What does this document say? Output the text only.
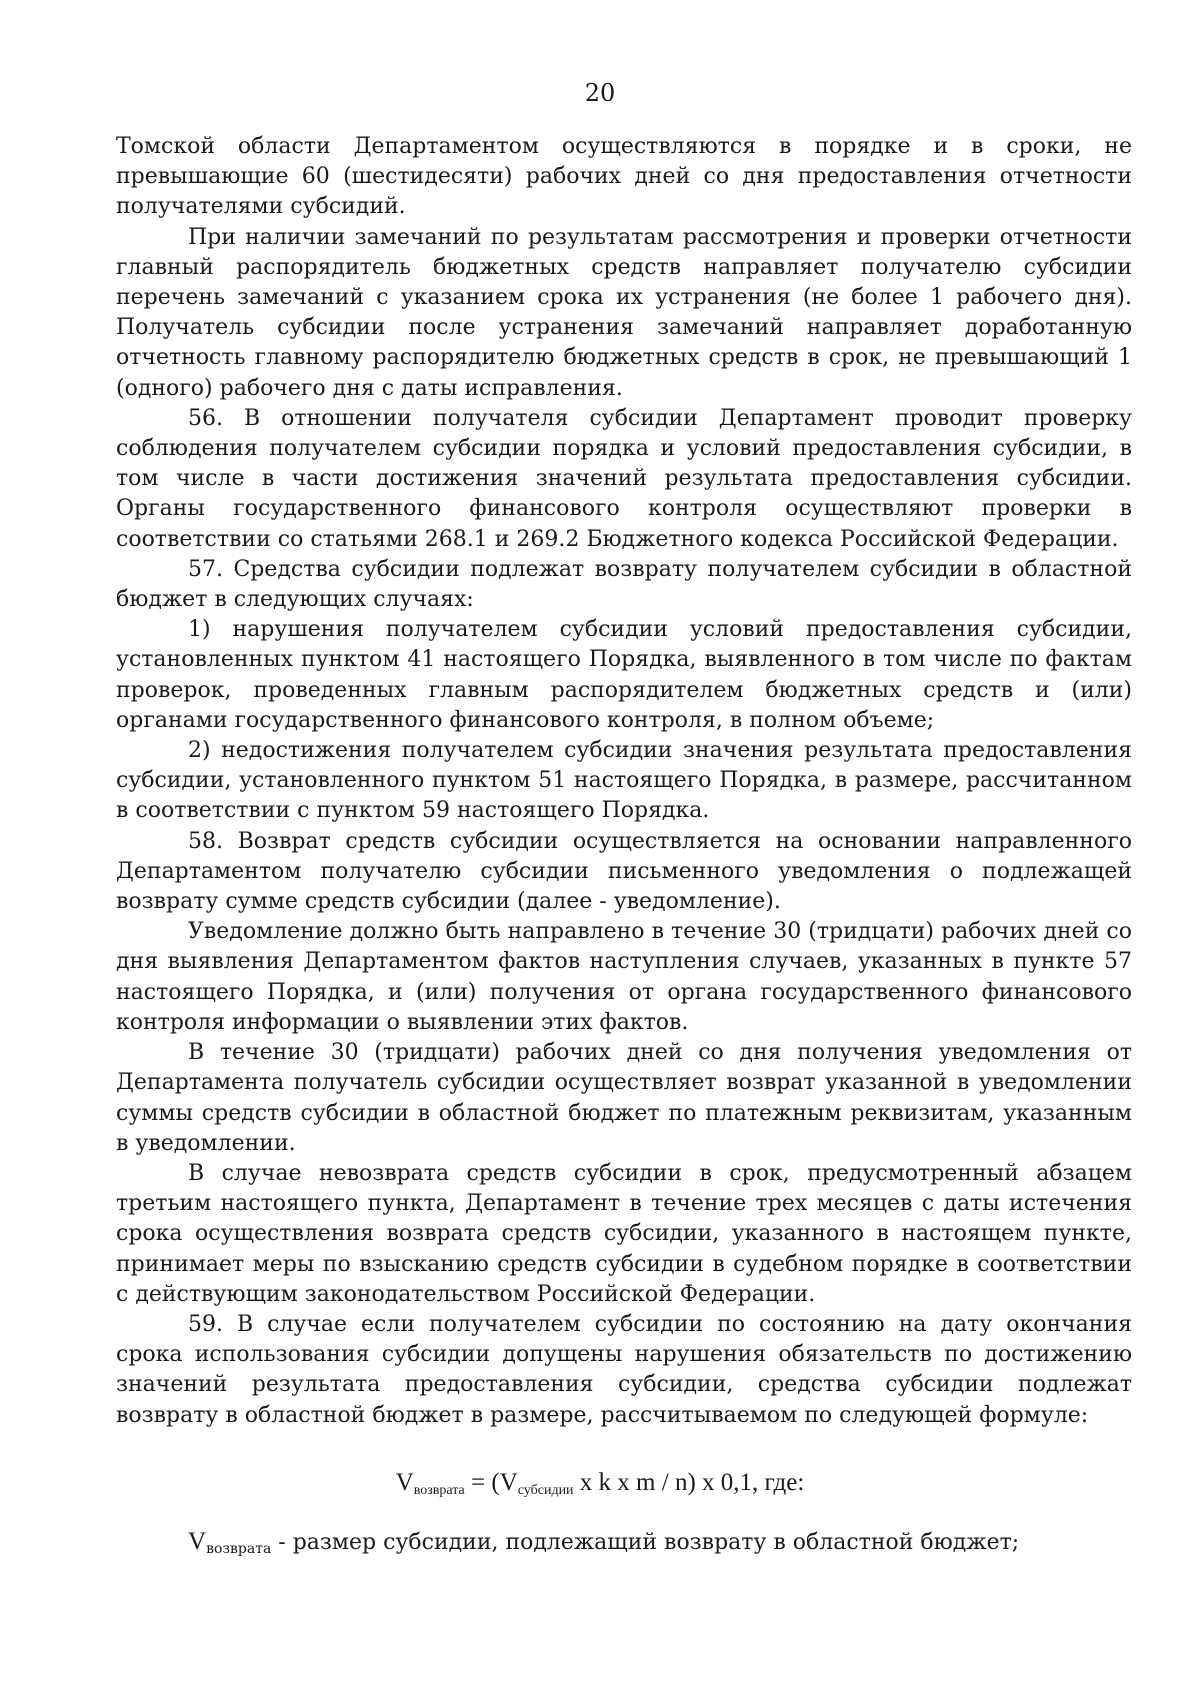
20

Томской области Департаментом осуществляются в порядке и в сроки, не превышающие 60 (шестидесяти) рабочих дней со дня предоставления отчетности получателями субсидий.

При наличии замечаний по результатам рассмотрения и проверки отчетности главный распорядитель бюджетных средств направляет получателю субсидии перечень замечаний с указанием срока их устранения (не более 1 рабочего дня). Получатель субсидии после устранения замечаний направляет доработанную отчетность главному распорядителю бюджетных средств в срок, не превышающий 1 (одного) рабочего дня с даты исправления.

56. В отношении получателя субсидии Департамент проводит проверку соблюдения получателем субсидии порядка и условий предоставления субсидии, в том числе в части достижения значений результата предоставления субсидии. Органы государственного финансового контроля осуществляют проверки в соответствии со статьями 268.1 и 269.2 Бюджетного кодекса Российской Федерации.

57. Средства субсидии подлежат возврату получателем субсидии в областной бюджет в следующих случаях:

1) нарушения получателем субсидии условий предоставления субсидии, установленных пунктом 41 настоящего Порядка, выявленного в том числе по фактам проверок, проведенных главным распорядителем бюджетных средств и (или) органами государственного финансового контроля, в полном объеме;

2) недостижения получателем субсидии значения результата предоставления субсидии, установленного пунктом 51 настоящего Порядка, в размере, рассчитанном в соответствии с пунктом 59 настоящего Порядка.

58. Возврат средств субсидии осуществляется на основании направленного Департаментом получателю субсидии письменного уведомления о подлежащей возврату сумме средств субсидии (далее - уведомление).

Уведомление должно быть направлено в течение 30 (тридцати) рабочих дней со дня выявления Департаментом фактов наступления случаев, указанных в пункте 57 настоящего Порядка, и (или) получения от органа государственного финансового контроля информации о выявлении этих фактов.

В течение 30 (тридцати) рабочих дней со дня получения уведомления от Департамента получатель субсидии осуществляет возврат указанной в уведомлении суммы средств субсидии в областной бюджет по платежным реквизитам, указанным в уведомлении.

В случае невозврата средств субсидии в срок, предусмотренный абзацем третьим настоящего пункта, Департамент в течение трех месяцев с даты истечения срока осуществления возврата средств субсидии, указанного в настоящем пункте, принимает меры по взысканию средств субсидии в судебном порядке в соответствии с действующим законодательством Российской Федерации.

59. В случае если получателем субсидии по состоянию на дату окончания срока использования субсидии допущены нарушения обязательств по достижению значений результата предоставления субсидии, средства субсидии подлежат возврату в областной бюджет в размере, рассчитываемом по следующей формуле:

$V_{возврата} = (V_{субсидии}$ x k x m / n) x 0,1, где:
$V_{возврата}$ - размер субсидии, подлежащий возврату в областной бюджет;
